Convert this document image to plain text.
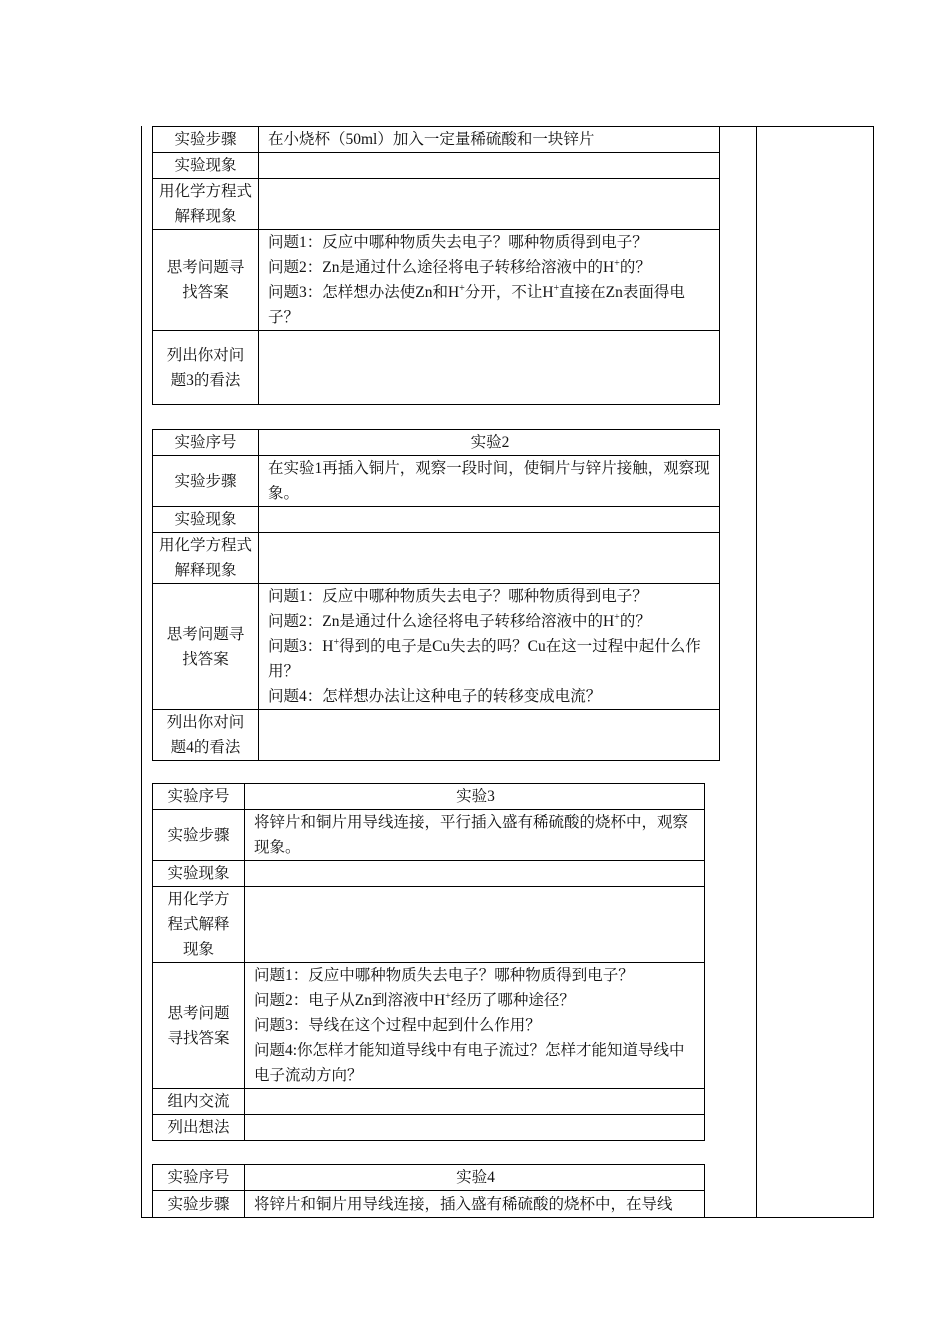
实验步骤	在小烧杯（50ml）加入一定量稀硫酸和一块锌片
实验现象	
用化学方程式解释现象	
思考问题寻找答案	问题1：反应中哪种物质失去电子？哪种物质得到电子？
问题2：Zn是通过什么途径将电子转移给溶液中的H+的？
问题3：怎样想办法使Zn和H+分开，不让H+直接在Zn表面得电子？

列出你对问题3的看法	
实验序号	实验2
实验步骤	在实验1再插入铜片，观察一段时间，使铜片与锌片接触，观察现象。
实验现象	
用化学方程式解释现象	
思考问题寻找答案	问题1：反应中哪种物质失去电子？哪种物质得到电子？
问题2：Zn是通过什么途径将电子转移给溶液中的H+的？
问题3：H+得到的电子是Cu失去的吗？Cu在这一过程中起什么作用？
问题4：怎样想办法让这种电子的转移变成电流？

列出你对问题4的看法	
实验序号	实验3
实验步骤	将锌片和铜片用导线连接，平行插入盛有稀硫酸的烧杯中，观察现象。
实验现象	
用化学方程式解释现象	
思考问题寻找答案	问题1：反应中哪种物质失去电子？哪种物质得到电子？
问题2：电子从Zn到溶液中H+经历了哪种途径？
问题3：导线在这个过程中起到什么作用？
问题4:你怎样才能知道导线中有电子流过？怎样才能知道导线中电子流动方向？

组内交流	
列出想法	
实验序号	实验4
实验步骤	将锌片和铜片用导线连接，插入盛有稀硫酸的烧杯中，在导线
